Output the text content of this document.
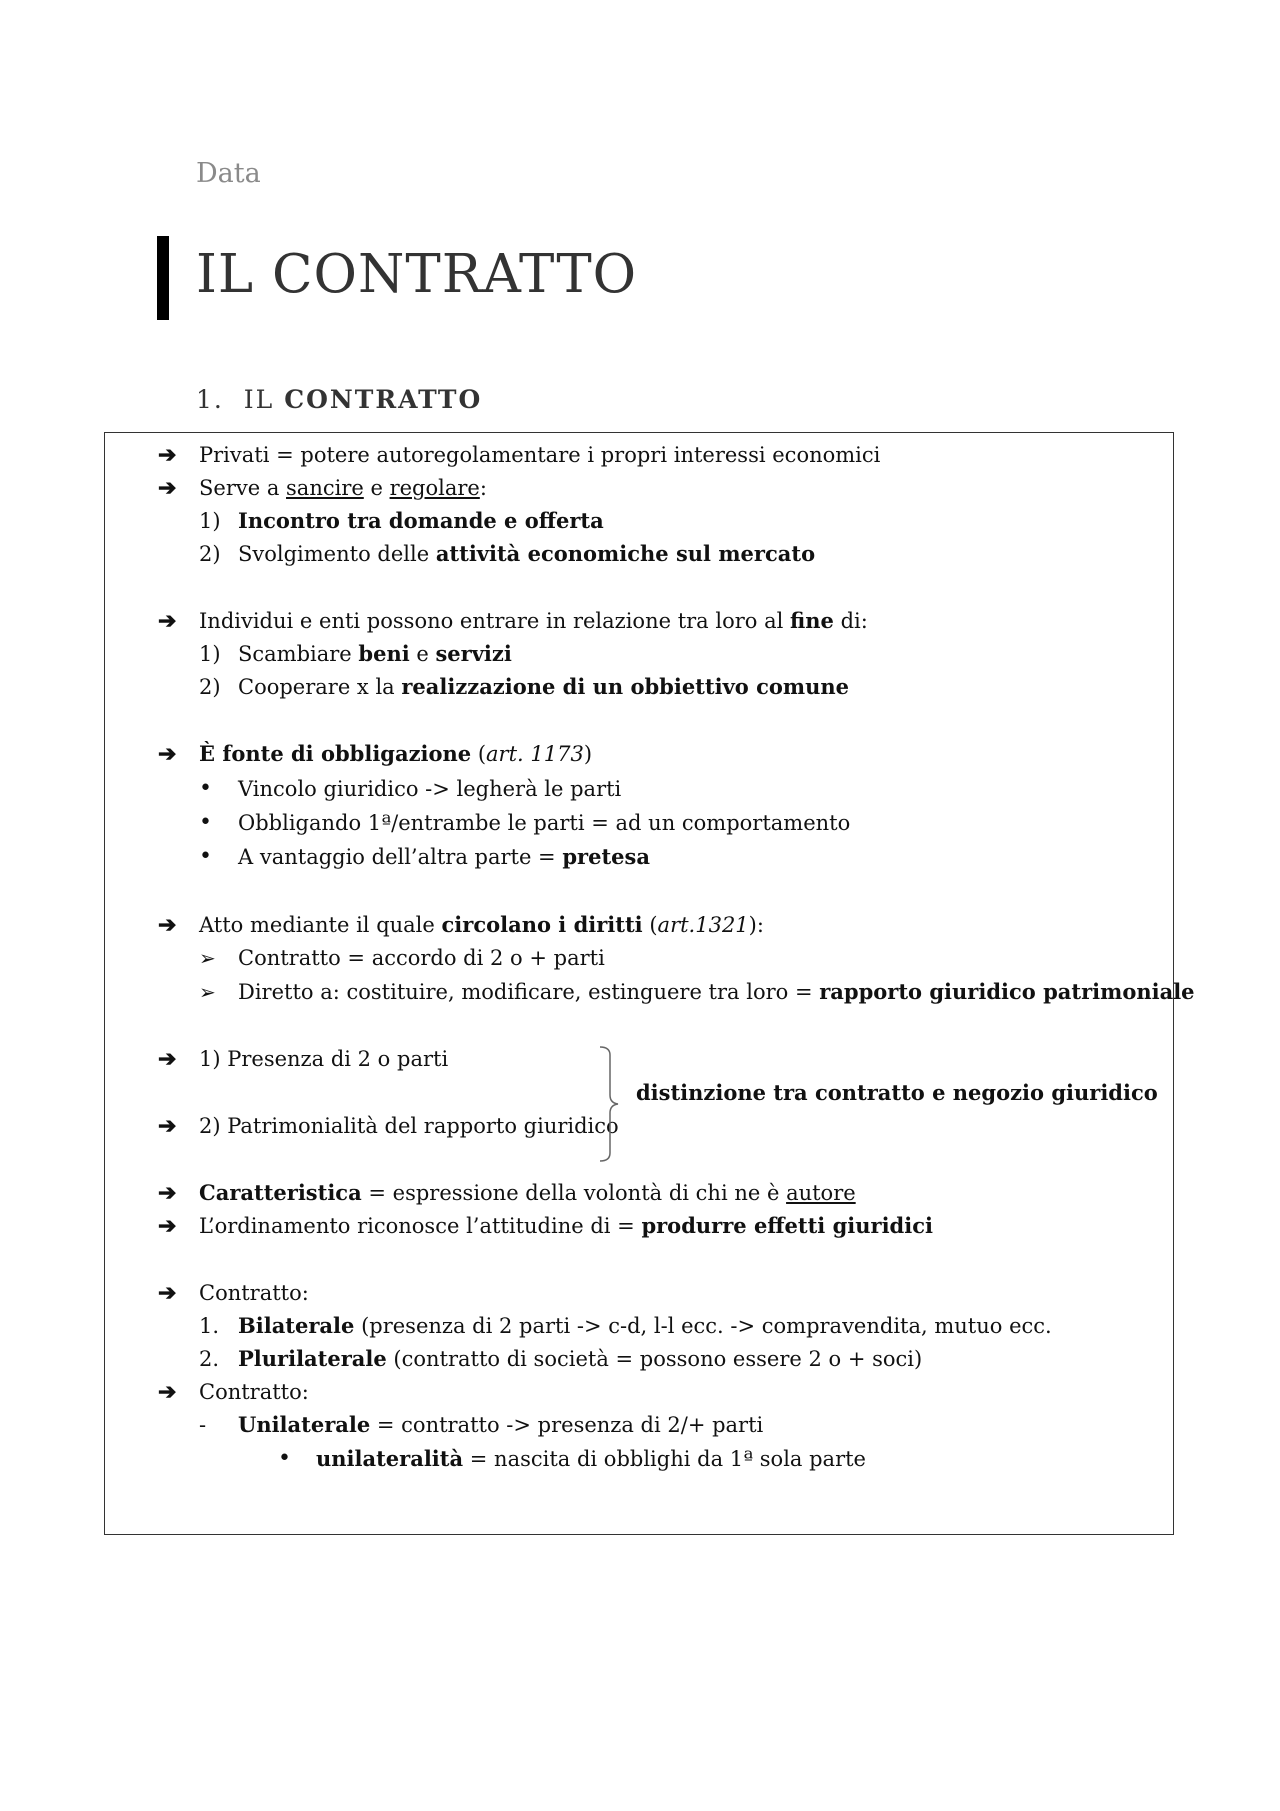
Data
IL CONTRATTO
1. IL CONTRATTO
➔ Privati = potere autoregolamentare i propri interessi economici
➔ Serve a sancire e regolare:
1) Incontro tra domande e offerta
2) Svolgimento delle attività economiche sul mercato
➔ Individui e enti possono entrare in relazione tra loro al fine di:
1) Scambiare beni e servizi
2) Cooperare x la realizzazione di un obbiettivo comune
➔ È fonte di obbligazione (art. 1173)
• Vincolo giuridico -> legherà le parti
• Obbligando 1ª/entrambe le parti = ad un comportamento
• A vantaggio dell’altra parte = pretesa
➔ Atto mediante il quale circolano i diritti (art.1321):
➢ Contratto = accordo di 2 o + parti
➢ Diretto a: costituire, modificare, estinguere tra loro = rapporto giuridico patrimoniale
➔ 1) Presenza di 2 o parti
➔ 2) Patrimonialità del rapporto giuridico
distinzione tra contratto e negozio giuridico
➔ Caratteristica = espressione della volontà di chi ne è autore
➔ L’ordinamento riconosce l’attitudine di = produrre effetti giuridici
➔ Contratto:
1. Bilaterale (presenza di 2 parti -> c-d, l-l ecc. -> compravendita, mutuo ecc.
2. Plurilaterale (contratto di società = possono essere 2 o + soci)
➔ Contratto:
- Unilaterale = contratto -> presenza di 2/+ parti
• unilateralità = nascita di obblighi da 1ª sola parte
